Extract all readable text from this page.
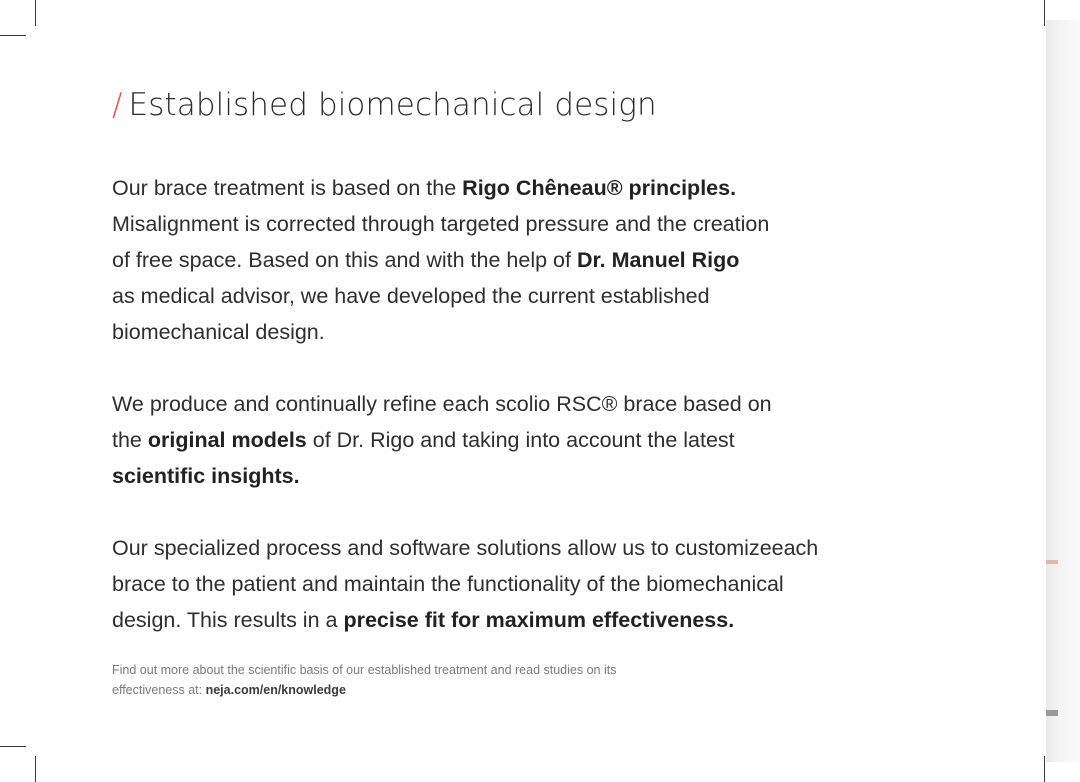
/ Established biomechanical design

Our brace treatment is based on the Rigo Chêneau® principles.
Misalignment is corrected through targeted pressure and the creation
of free space. Based on this and with the help of Dr. Manuel Rigo
as medical advisor, we have developed the current established
biomechanical design.

We produce and continually refine each scolio RSC® brace based on
the original models of Dr. Rigo and taking into account the latest
scientific insights.

Our specialized process and software solutions allow us to customizeeach
brace to the patient and maintain the functionality of the biomechanical
design. This results in a precise fit for maximum effectiveness.

Find out more about the scientific basis of our established treatment and read studies on its
effectiveness at: neja.com/en/knowledge
